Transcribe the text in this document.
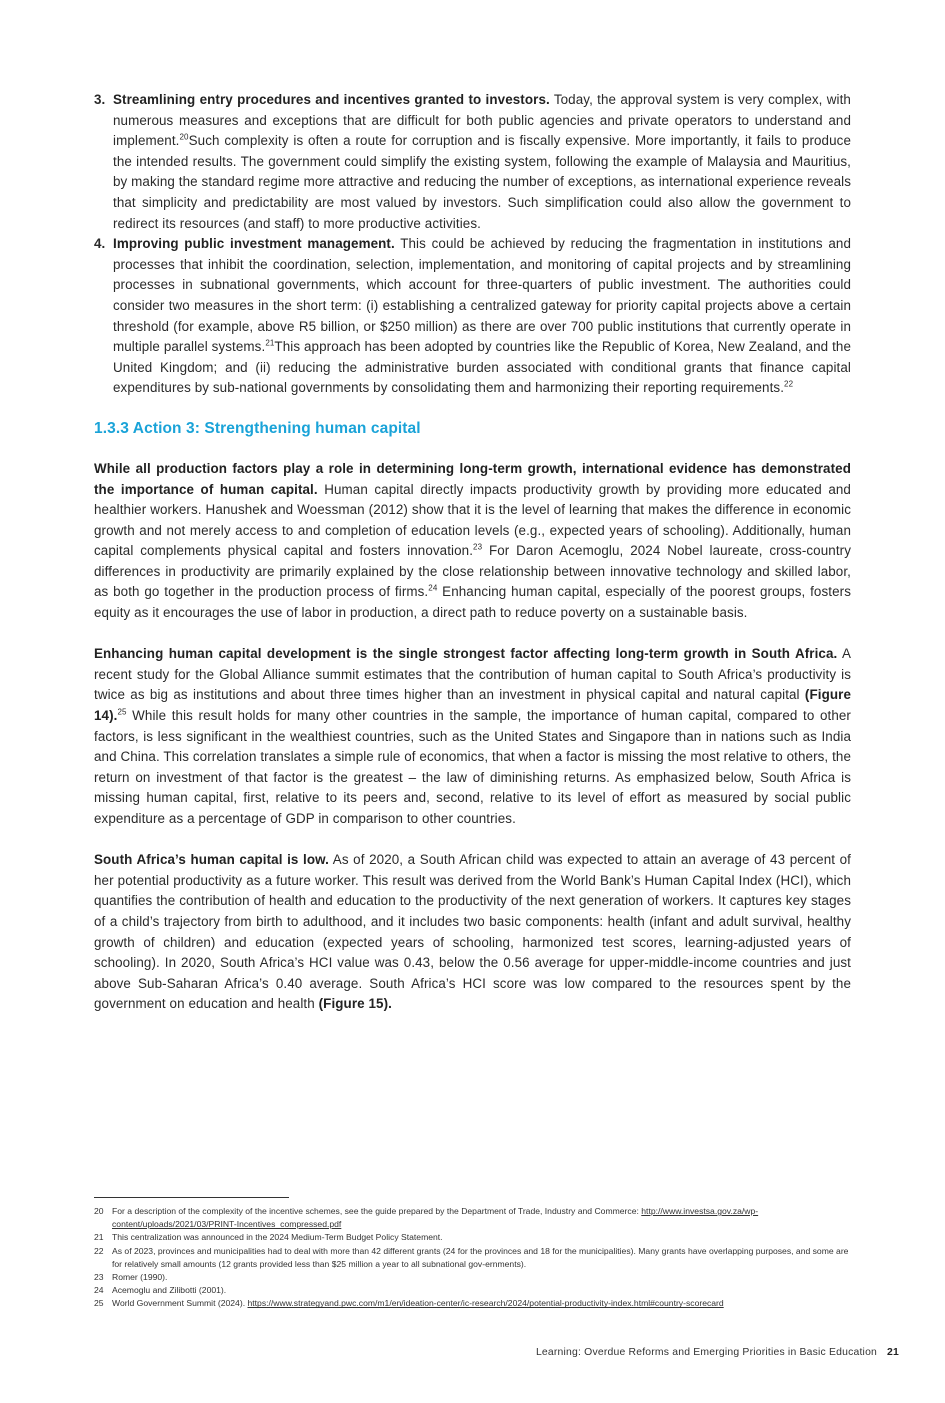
3. Streamlining entry procedures and incentives granted to investors. Today, the approval system is very complex, with numerous measures and exceptions that are difficult for both public agencies and private operators to understand and implement.$^{20}$Such complexity is often a route for corruption and is fiscally expensive. More importantly, it fails to produce the intended results. The government could simplify the existing system, following the example of Malaysia and Mauritius, by making the standard regime more attractive and reducing the number of exceptions, as international experience reveals that simplicity and predictability are most valued by investors. Such simplification could also allow the government to redirect its resources (and staff) to more productive activities.
4. Improving public investment management. This could be achieved by reducing the fragmentation in institutions and processes that inhibit the coordination, selection, implementation, and monitoring of capital projects and by streamlining processes in subnational governments, which account for three-quarters of public investment. The authorities could consider two measures in the short term: (i) establishing a centralized gateway for priority capital projects above a certain threshold (for example, above R5 billion, or $250 million) as there are over 700 public institutions that currently operate in multiple parallel systems.$^{21}$This approach has been adopted by countries like the Republic of Korea, New Zealand, and the United Kingdom; and (ii) reducing the administrative burden associated with conditional grants that finance capital expenditures by sub-national governments by consolidating them and harmonizing their reporting requirements.$^{22}$
1.3.3 Action 3: Strengthening human capital

While all production factors play a role in determining long-term growth, international evidence has demonstrated the importance of human capital. Human capital directly impacts productivity growth by providing more educated and healthier workers. Hanushek and Woessman (2012) show that it is the level of learning that makes the difference in economic growth and not merely access to and completion of education levels (e.g., expected years of schooling). Additionally, human capital complements physical capital and fosters innovation.$^{23}$ For Daron Acemoglu, 2024 Nobel laureate, cross-country differences in productivity are primarily explained by the close relationship between innovative technology and skilled labor, as both go together in the production process of firms.$^{24}$ Enhancing human capital, especially of the poorest groups, fosters equity as it encourages the use of labor in production, a direct path to reduce poverty on a sustainable basis.

Enhancing human capital development is the single strongest factor affecting long-term growth in South Africa. A recent study for the Global Alliance summit estimates that the contribution of human capital to South Africa’s productivity is twice as big as institutions and about three times higher than an investment in physical capital and natural capital (Figure 14).$^{25}$ While this result holds for many other countries in the sample, the importance of human capital, compared to other factors, is less significant in the wealthiest countries, such as the United States and Singapore than in nations such as India and China. This correlation translates a simple rule of economics, that when a factor is missing the most relative to others, the return on investment of that factor is the greatest – the law of diminishing returns. As emphasized below, South Africa is missing human capital, first, relative to its peers and, second, relative to its level of effort as measured by social public expenditure as a percentage of GDP in comparison to other countries.

South Africa’s human capital is low. As of 2020, a South African child was expected to attain an average of 43 percent of her potential productivity as a future worker. This result was derived from the World Bank’s Human Capital Index (HCI), which quantifies the contribution of health and education to the productivity of the next generation of workers. It captures key stages of a child’s trajectory from birth to adulthood, and it includes two basic components: health (infant and adult survival, healthy growth of children) and education (expected years of schooling, harmonized test scores, learning-adjusted years of schooling). In 2020, South Africa’s HCI value was 0.43, below the 0.56 average for upper-middle-income countries and just above Sub-Saharan Africa’s 0.40 average. South Africa’s HCI score was low compared to the resources spent by the government on education and health (Figure 15).

20 For a description of the complexity of the incentive schemes, see the guide prepared by the Department of Trade, Industry and Commerce: http://www.investsa.gov.za/wp-content/uploads/2021/03/PRINT-Incentives_compressed.pdf
21 This centralization was announced in the 2024 Medium-Term Budget Policy Statement.
22 As of 2023, provinces and municipalities had to deal with more than 42 different grants (24 for the provinces and 18 for the municipalities). Many grants have overlapping purposes, and some are for relatively small amounts (12 grants provided less than $25 million a year to all subnational gov-ernments).
23 Romer (1990).
24 Acemoglu and Zilibotti (2001).
25 World Government Summit (2024). https://www.strategyand.pwc.com/m1/en/ideation-center/ic-research/2024/potential-productivity-index.html#country-scorecard
Learning: Overdue Reforms and Emerging Priorities in Basic Education 21
